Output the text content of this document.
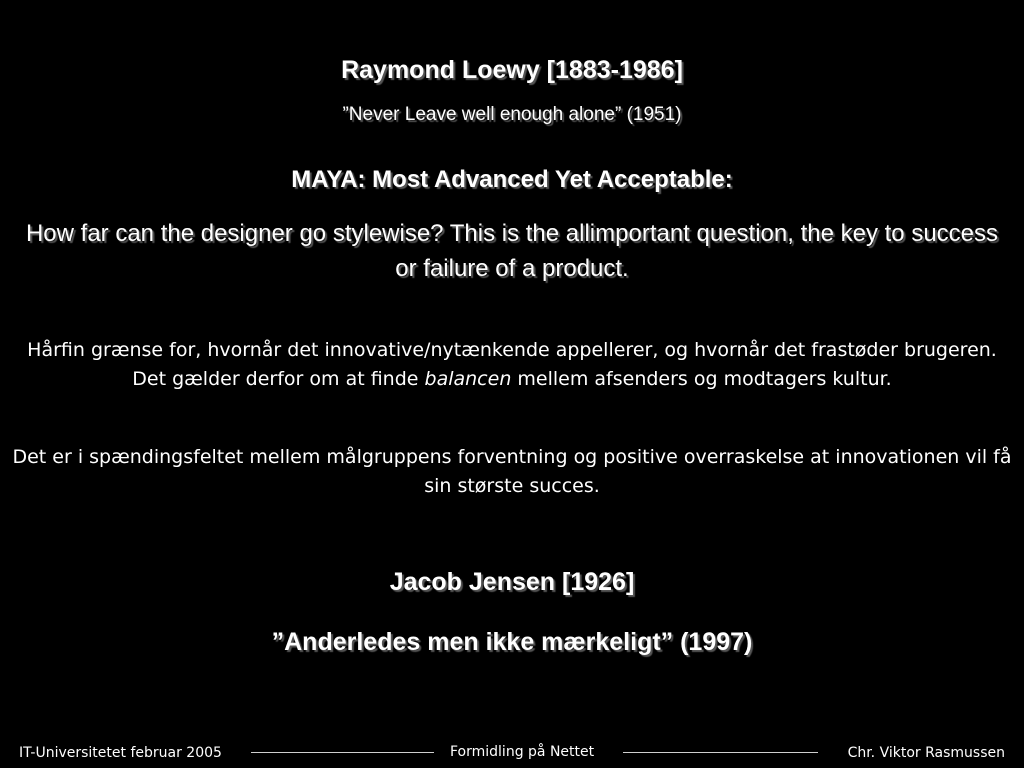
Raymond Loewy [1883-1986]
”Never Leave well enough alone” (1951)
MAYA: Most Advanced Yet Acceptable:
How far can the designer go stylewise? This is the allimportant question, the key to success or failure of a product.
Hårfin grænse for, hvornår det innovative/nytænkende appellerer, og hvornår det frastøder brugeren.
Det gælder derfor om at finde balancen mellem afsenders og modtagers kultur.
Det er i spændingsfeltet mellem målgruppens forventning og positive overraskelse at innovationen vil få sin største succes.
Jacob Jensen [1926]
”Anderledes men ikke mærkeligt” (1997)
IT-Universitetet februar 2005	Formidling på Nettet	Chr. Viktor Rasmussen
